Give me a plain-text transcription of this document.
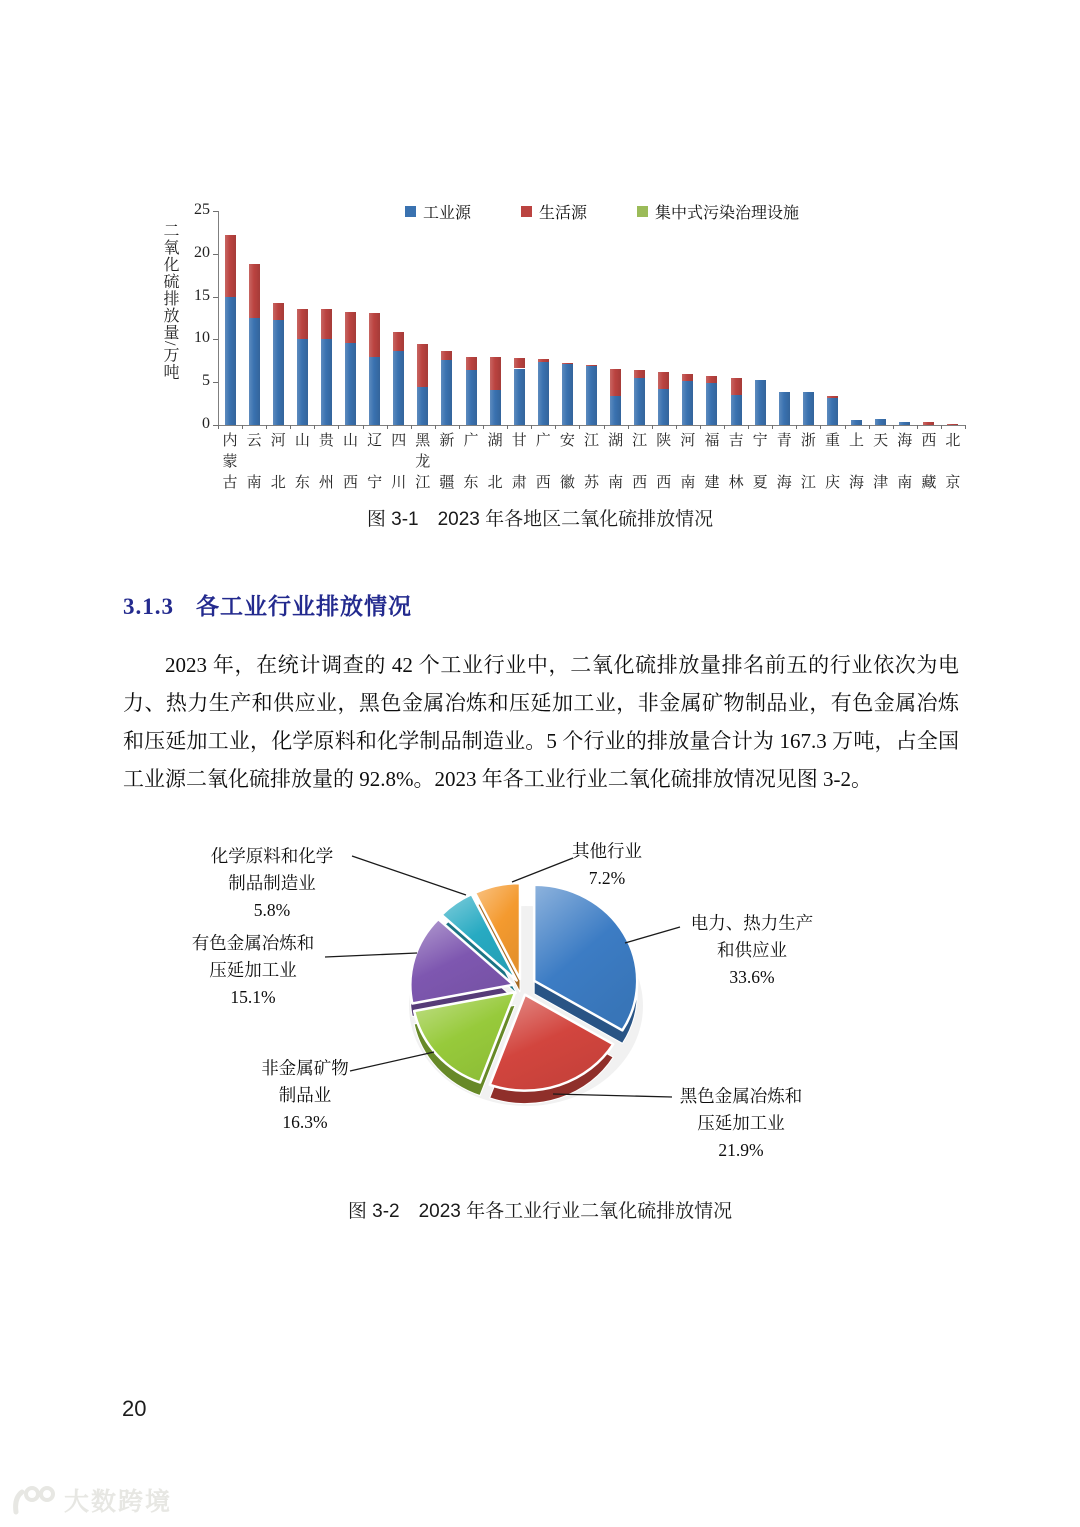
二氧化硫排放量/万吨
工业源	生活源	集中式污染治理设施
0
5
10
15
20
25
内
蒙
古
云
南
河
北
山
东
贵
州
山
西
辽
宁
四
川
黑
龙
江
新
疆
广
东
湖
北
甘
肃
广
西
安
徽
江
苏
湖
南
江
西
陕
西
河
南
福
建
吉
林
宁
夏
青
海
浙
江
重
庆
上
海
天
津
海
南
西
藏
北
京
图 3-1　2023 年各地区二氧化硫排放情况
3.1.3 各工业行业排放情况
2023 年，在统计调查的 42 个工业行业中，二氧化硫排放量排名前五的行业依次为电力、热力生产和供应业，黑色金属冶炼和压延加工业，非金属矿物制品业，有色金属冶炼和压延加工业，化学原料和化学制品制造业。5 个行业的排放量合计为 167.3 万吨，占全国工业源二氧化硫排放量的 92.8%。2023 年各工业行业二氧化硫排放情况见图 3-2。
电力、热力生产
和供应业
33.6%
黑色金属冶炼和
压延加工业
21.9%
非金属矿物
制品业
16.3%
有色金属冶炼和
压延加工业
15.1%
化学原料和化学
制品制造业
5.8%
其他行业
7.2%
图 3-2　2023 年各工业行业二氧化硫排放情况
20
大数跨境
